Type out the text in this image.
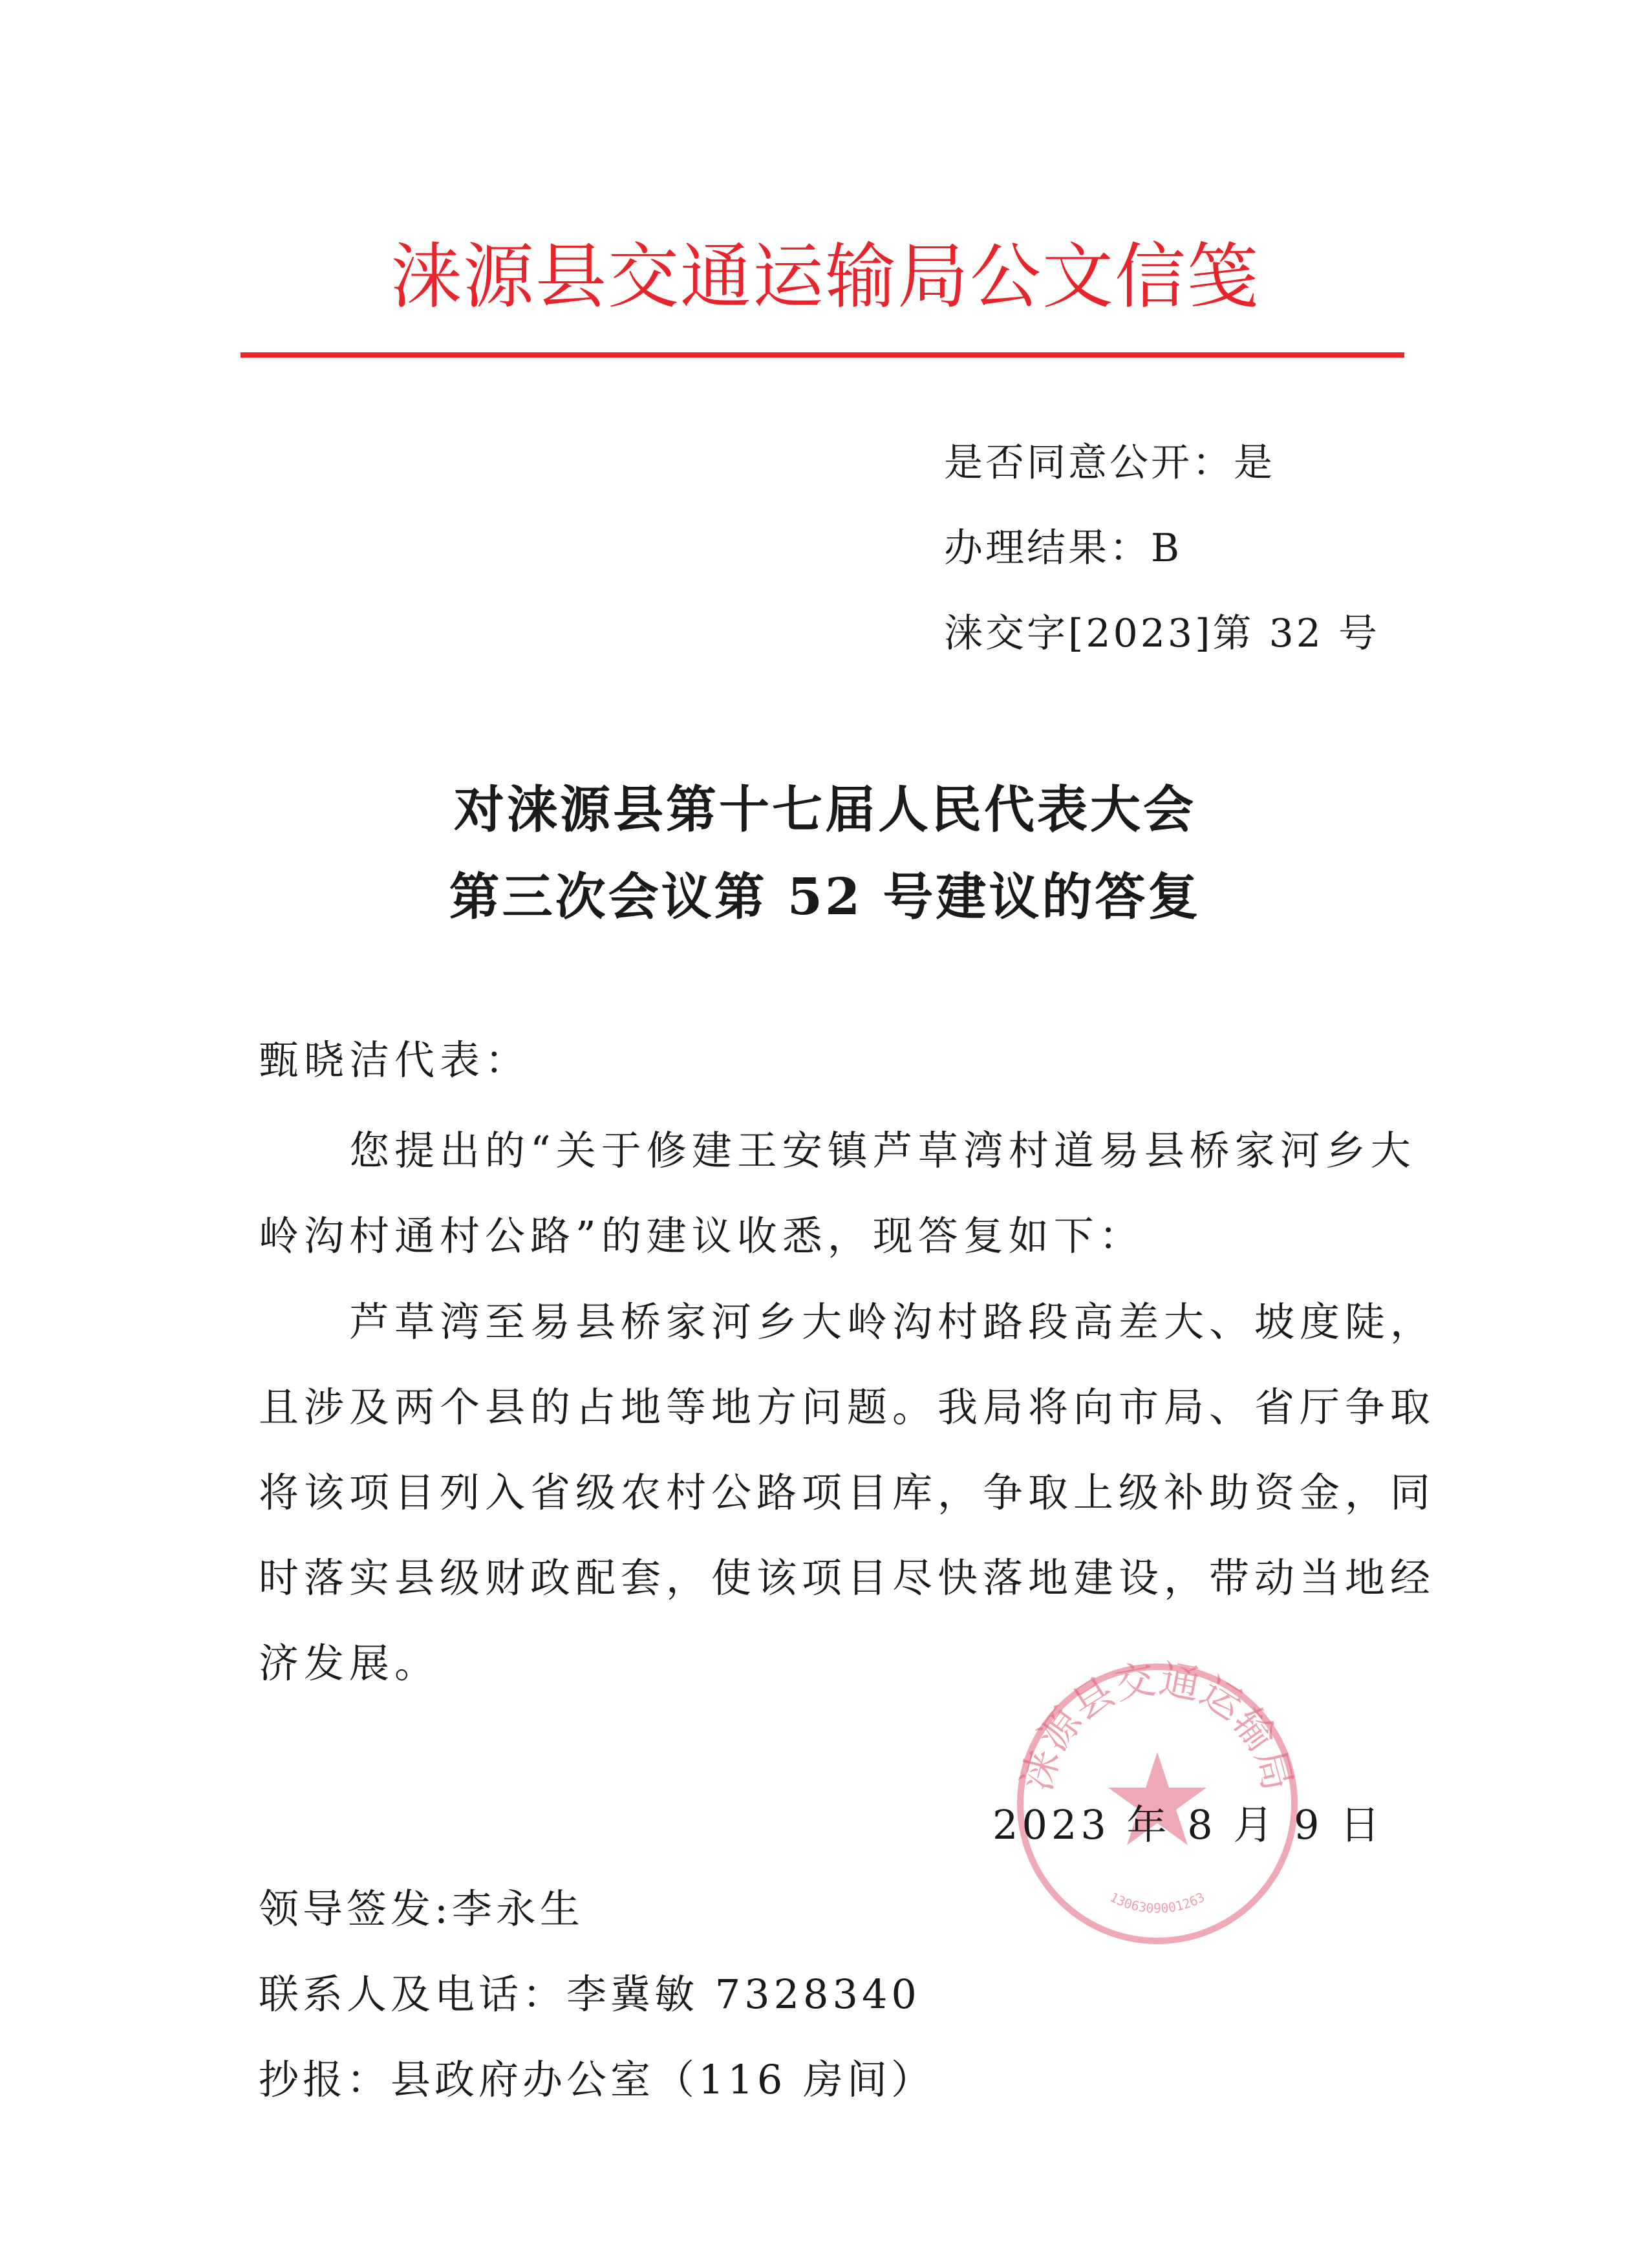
涞源县交通运输局公文信笺
是否同意公开：是
办理结果：B
涞交字[2023]第 32 号
对涞源县第十七届人民代表大会
第三次会议第 52 号建议的答复
甄晓洁代表：
　　您提出的“关于修建王安镇芦草湾村道易县桥家河乡大
岭沟村通村公路”的建议收悉，现答复如下：
　　芦草湾至易县桥家河乡大岭沟村路段高差大、坡度陡，
且涉及两个县的占地等地方问题。我局将向市局、省厅争取
将该项目列入省级农村公路项目库，争取上级补助资金，同
时落实县级财政配套，使该项目尽快落地建设，带动当地经
济发展。
涞源县交通运输局
1306309001263
2023 年 8 月 9 日
领导签发:李永生
联系人及电话：李冀敏 7328340
抄报：县政府办公室（116 房间）
